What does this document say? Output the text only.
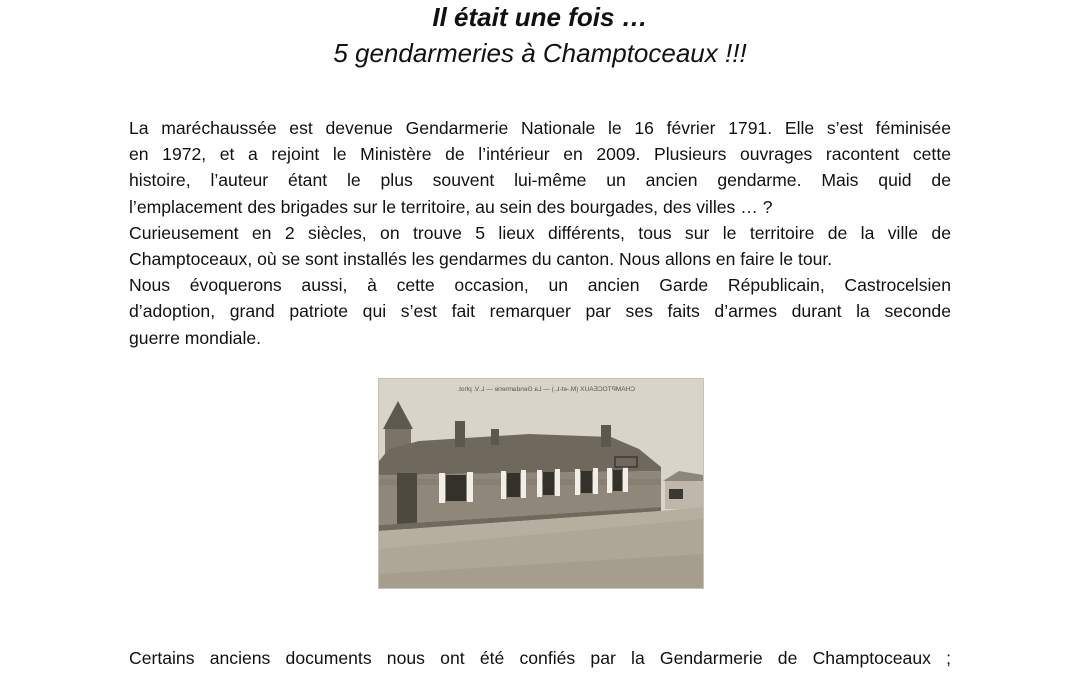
Il était une fois …
5 gendarmeries à Champtoceaux !!!
La maréchaussée est devenue Gendarmerie Nationale le 16 février 1791. Elle s’est féminisée
en 1972, et a rejoint le Ministère de l’intérieur en 2009. Plusieurs ouvrages racontent cette
histoire, l’auteur étant le plus souvent lui-même un ancien gendarme. Mais quid de
l’emplacement des brigades sur le territoire, au sein des bourgades, des villes … ?
Curieusement en 2 siècles, on trouve 5 lieux différents, tous sur le territoire de la ville de
Champtoceaux, où se sont installés les gendarmes du canton. Nous allons en faire le tour.
Nous évoquerons aussi, à cette occasion, un ancien Garde Républicain, Castrocelsien
d’adoption, grand patriote qui s’est fait remarquer par ses faits d’armes durant la seconde
guerre mondiale.
CHAMPTOCEAUX (M.-et-L.) — La Gendarmerie — L.V. phot.
Certains anciens documents nous ont été confiés par la Gendarmerie de Champtoceaux ;
